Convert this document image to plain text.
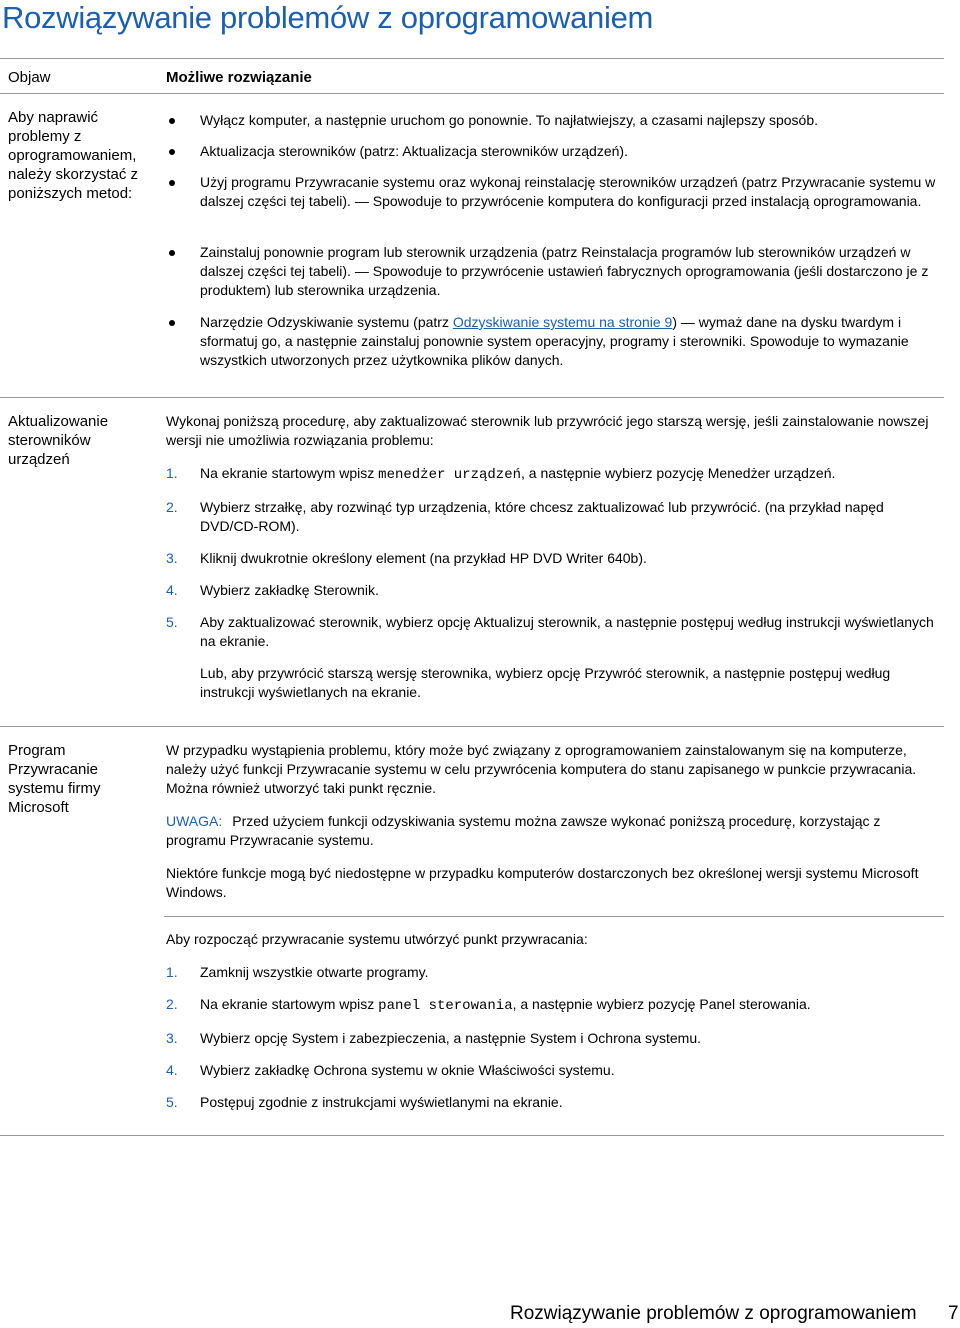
Rozwiązywanie problemów z oprogramowaniem
Objaw	Możliwe rozwiązanie
Aby naprawić problemy z oprogramowaniem, należy skorzystać z poniższych metod:
Wyłącz komputer, a następnie uruchom go ponownie. To najłatwiejszy, a czasami najlepszy sposób.
Aktualizacja sterowników (patrz: Aktualizacja sterowników urządzeń).
Użyj programu Przywracanie systemu oraz wykonaj reinstalację sterowników urządzeń (patrz Przywracanie systemu w dalszej części tej tabeli). — Spowoduje to przywrócenie komputera do konfiguracji przed instalacją oprogramowania.
Zainstaluj ponownie program lub sterownik urządzenia (patrz Reinstalacja programów lub sterowników urządzeń w dalszej części tej tabeli). — Spowoduje to przywrócenie ustawień fabrycznych oprogramowania (jeśli dostarczono je z produktem) lub sterownika urządzenia.
Narzędzie Odzyskiwanie systemu (patrz Odzyskiwanie systemu na stronie 9) — wymaż dane na dysku twardym i sformatuj go, a następnie zainstaluj ponownie system operacyjny, programy i sterowniki. Spowoduje to wymazanie wszystkich utworzonych przez użytkownika plików danych.
Aktualizowanie sterowników urządzeń

Wykonaj poniższą procedurę, aby zaktualizować sterownik lub przywrócić jego starszą wersję, jeśli zainstalowanie nowszej wersji nie umożliwia rozwiązania problemu:

1. Na ekranie startowym wpisz menedżer urządzeń, a następnie wybierz pozycję Menedżer urządzeń.
2. Wybierz strzałkę, aby rozwinąć typ urządzenia, które chcesz zaktualizować lub przywrócić. (na przykład napęd DVD/CD-ROM).
3. Kliknij dwukrotnie określony element (na przykład HP DVD Writer 640b).
4. Wybierz zakładkę Sterownik.
5. Aby zaktualizować sterownik, wybierz opcję Aktualizuj sterownik, a następnie postępuj według instrukcji wyświetlanych na ekranie.

Lub, aby przywrócić starszą wersję sterownika, wybierz opcję Przywróć sterownik, a następnie postępuj według instrukcji wyświetlanych na ekranie.

Program Przywracanie systemu firmy Microsoft

W przypadku wystąpienia problemu, który może być związany z oprogramowaniem zainstalowanym się na komputerze, należy użyć funkcji Przywracanie systemu w celu przywrócenia komputera do stanu zapisanego w punkcie przywracania. Można również utworzyć taki punkt ręcznie.

UWAGA: Przed użyciem funkcji odzyskiwania systemu można zawsze wykonać poniższą procedurę, korzystając z programu Przywracanie systemu.

Niektóre funkcje mogą być niedostępne w przypadku komputerów dostarczonych bez określonej wersji systemu Microsoft Windows.

Aby rozpocząć przywracanie systemu utwórzyć punkt przywracania:

1. Zamknij wszystkie otwarte programy.
2. Na ekranie startowym wpisz panel sterowania, a następnie wybierz pozycję Panel sterowania.
3. Wybierz opcję System i zabezpieczenia, a następnie System i Ochrona systemu.
4. Wybierz zakładkę Ochrona systemu w oknie Właściwości systemu.
5. Postępuj zgodnie z instrukcjami wyświetlanymi na ekranie.
Rozwiązywanie problemów z oprogramowaniem 7
